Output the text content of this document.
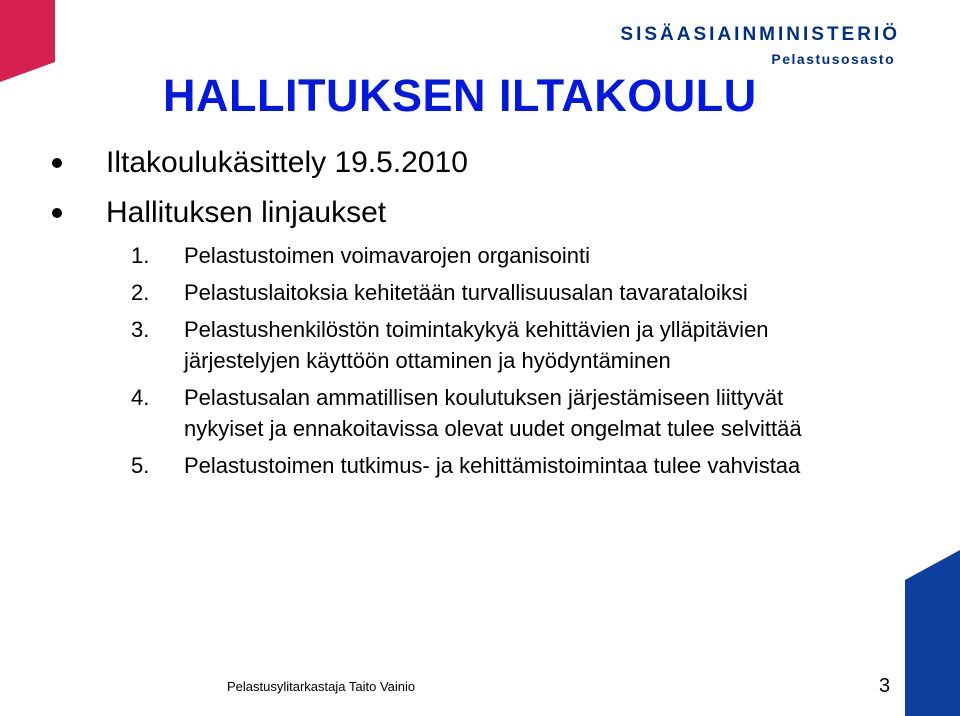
SISÄASIAINMINISTERIÖ
Pelastusosasto
HALLITUKSEN ILTAKOULU
Iltakoulukäsittely 19.5.2010
Hallituksen linjaukset
1.	Pelastustoimen voimavarojen organisointi
2.	Pelastuslaitoksia kehitetään turvallisuusalan tavarataloiksi
3.	Pelastushenkilöstön toimintakykyä kehittävien ja ylläpitävien järjestelyjen käyttöön ottaminen ja hyödyntäminen
4.	Pelastusalan ammatillisen koulutuksen järjestämiseen liittyvät nykyiset ja ennakoitavissa olevat uudet ongelmat tulee selvittää
5.	Pelastustoimen tutkimus- ja kehittämistoimintaa tulee vahvistaa
Pelastusylitarkastaja Taito Vainio	3
